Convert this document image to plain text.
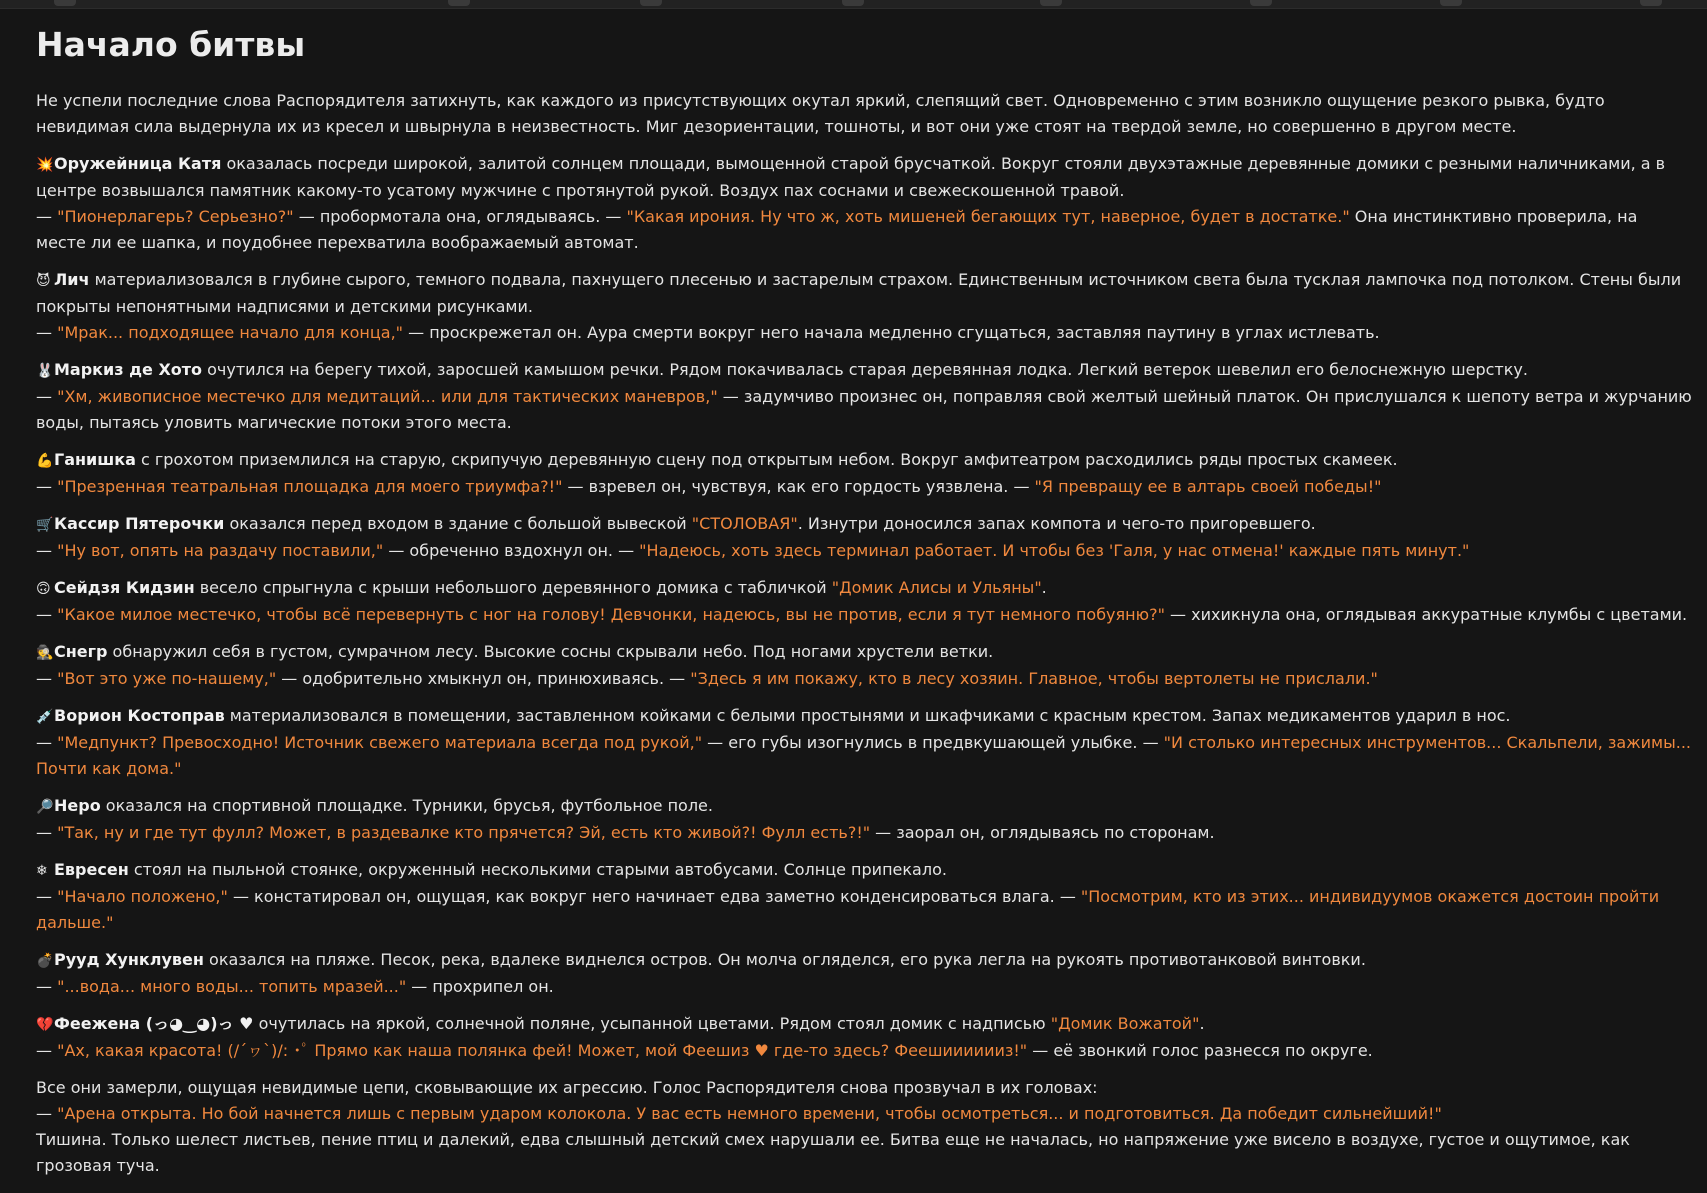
Начало битвы

Не успели последние слова Распорядителя затихнуть, как каждого из присутствующих окутал яркий, слепящий свет. Одновременно с этим возникло ощущение резкого рывка, будто невидимая сила выдернула их из кресел и швырнула в неизвестность. Миг дезориентации, тошноты, и вот они уже стоят на твердой земле, но совершенно в другом месте.

💥Оружейница Катя оказалась посреди широкой, залитой солнцем площади, вымощенной старой брусчаткой. Вокруг стояли двухэтажные деревянные домики с резными наличниками, а в центре возвышался памятник какому-то усатому мужчине с протянутой рукой. Воздух пах соснами и свежескошенной травой.
— "Пионерлагерь? Серьезно?" — пробормотала она, оглядываясь. — "Какая ирония. Ну что ж, хоть мишеней бегающих тут, наверное, будет в достатке." Она инстинктивно проверила, на месте ли ее шапка, и поудобнее перехватила воображаемый автомат.

😈 Лич материализовался в глубине сырого, темного подвала, пахнущего плесенью и застарелым страхом. Единственным источником света была тусклая лампочка под потолком. Стены были покрыты непонятными надписями и детскими рисунками.
— "Мрак... подходящее начало для конца," — проскрежетал он. Аура смерти вокруг него начала медленно сгущаться, заставляя паутину в углах истлевать.

🐰Маркиз де Хото очутился на берегу тихой, заросшей камышом речки. Рядом покачивалась старая деревянная лодка. Легкий ветерок шевелил его белоснежную шерстку.
— "Хм, живописное местечко для медитаций... или для тактических маневров," — задумчиво произнес он, поправляя свой желтый шейный платок. Он прислушался к шепоту ветра и журчанию воды, пытаясь уловить магические потоки этого места.

💪Ганишка с грохотом приземлился на старую, скрипучую деревянную сцену под открытым небом. Вокруг амфитеатром расходились ряды простых скамеек.
— "Презренная театральная площадка для моего триумфа?!" — взревел он, чувствуя, как его гордость уязвлена. — "Я превращу ее в алтарь своей победы!"

🛒Кассир Пятерочки оказался перед входом в здание с большой вывеской "СТОЛОВАЯ". Изнутри доносился запах компота и чего-то пригоревшего.
— "Ну вот, опять на раздачу поставили," — обреченно вздохнул он. — "Надеюсь, хоть здесь терминал работает. И чтобы без 'Галя, у нас отмена!' каждые пять минут."

🙃 Сейдзя Кидзин весело спрыгнула с крыши небольшого деревянного домика с табличкой "Домик Алисы и Ульяны".
— "Какое милое местечко, чтобы всё перевернуть с ног на голову! Девчонки, надеюсь, вы не против, если я тут немного побуяню?" — хихикнула она, оглядывая аккуратные клумбы с цветами.

🕵Снегр обнаружил себя в густом, сумрачном лесу. Высокие сосны скрывали небо. Под ногами хрустели ветки.
— "Вот это уже по-нашему," — одобрительно хмыкнул он, принюхиваясь. — "Здесь я им покажу, кто в лесу хозяин. Главное, чтобы вертолеты не прислали."

💉Ворион Костоправ материализовался в помещении, заставленном койками с белыми простынями и шкафчиками с красным крестом. Запах медикаментов ударил в нос.
— "Медпункт? Превосходно! Источник свежего материала всегда под рукой," — его губы изогнулись в предвкушающей улыбке. — "И столько интересных инструментов... Скальпели, зажимы... Почти как дома."

🔎Неро оказался на спортивной площадке. Турники, брусья, футбольное поле.
— "Так, ну и где тут фулл? Может, в раздевалке кто прячется? Эй, есть кто живой?! Фулл есть?!" — заорал он, оглядываясь по сторонам.

❄ Евресен стоял на пыльной стоянке, окруженный несколькими старыми автобусами. Солнце припекало.
— "Начало положено," — констатировал он, ощущая, как вокруг него начинает едва заметно конденсироваться влага. — "Посмотрим, кто из этих... индивидуумов окажется достоин пройти дальше."

💣Рууд Хунклувен оказался на пляже. Песок, река, вдалеке виднелся остров. Он молча огляделся, его рука легла на рукоять противотанковой винтовки.
— "...вода... много воды... топить мразей..." — прохрипел он.

💔Феежена (っ◕‿◕)っ ♥ очутилась на яркой, солнечной поляне, усыпанной цветами. Рядом стоял домик с надписью "Домик Вожатой".
— "Ах, какая красота! (/´ヮ`)/: ･ﾟ Прямо как наша полянка фей! Может, мой Феешиз ♥ где-то здесь? Феешииииииз!" — её звонкий голос разнесся по округе.

Все они замерли, ощущая невидимые цепи, сковывающие их агрессию. Голос Распорядителя снова прозвучал в их головах:
— "Арена открыта. Но бой начнется лишь с первым ударом колокола. У вас есть немного времени, чтобы осмотреться... и подготовиться. Да победит сильнейший!"
Тишина. Только шелест листьев, пение птиц и далекий, едва слышный детский смех нарушали ее. Битва еще не началась, но напряжение уже висело в воздухе, густое и ощутимое, как грозовая туча.
